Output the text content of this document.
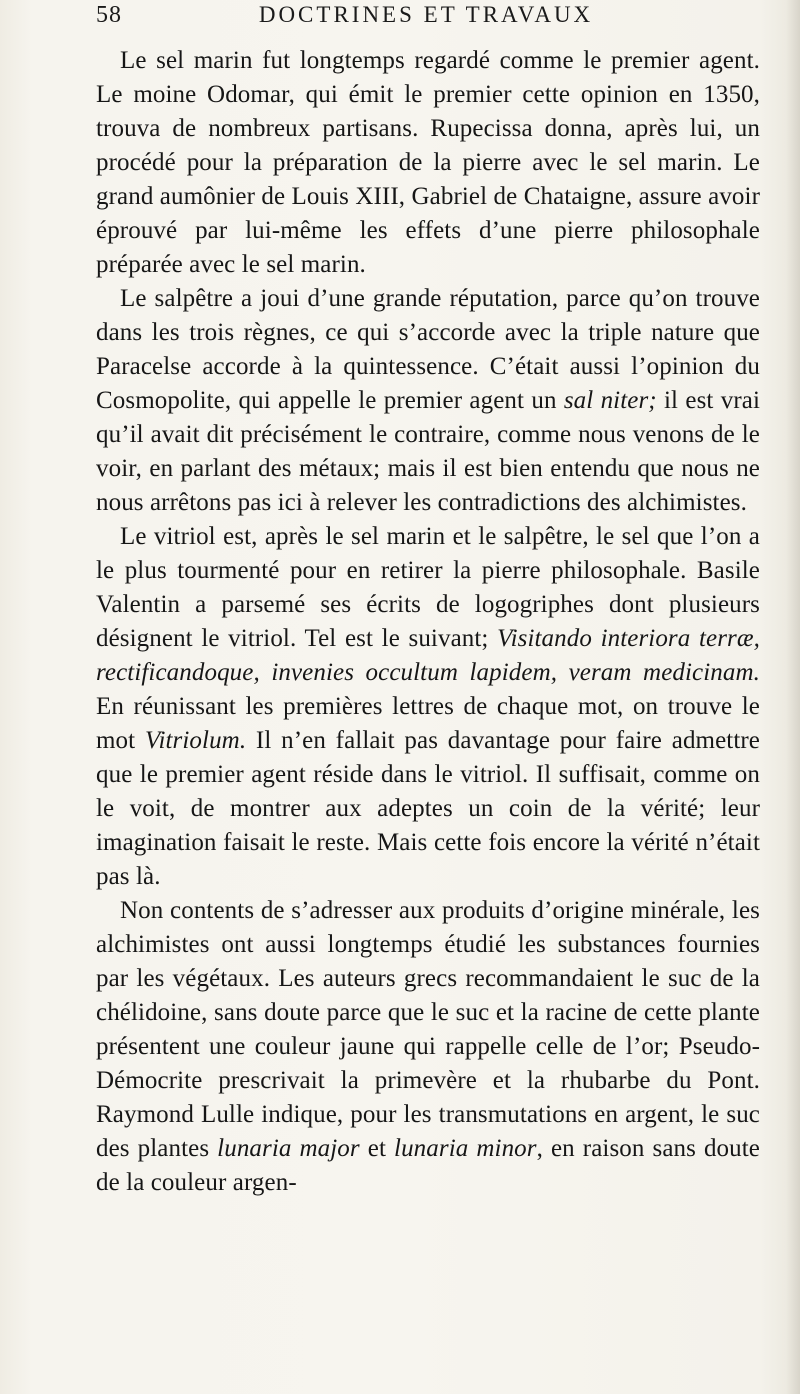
58	DOCTRINES ET TRAVAUX

Le sel marin fut longtemps regardé comme le premier agent. Le moine Odomar, qui émit le premier cette opinion en 1350, trouva de nombreux partisans. Rupecissa donna, après lui, un procédé pour la préparation de la pierre avec le sel marin. Le grand aumônier de Louis XIII, Gabriel de Chataigne, assure avoir éprouvé par lui-même les effets d’une pierre philosophale préparée avec le sel marin.

Le salpêtre a joui d’une grande réputation, parce qu’on trouve dans les trois règnes, ce qui s’accorde avec la triple nature que Paracelse accorde à la quintessence. C’était aussi l’opinion du Cosmopolite, qui appelle le premier agent un sal niter; il est vrai qu’il avait dit précisément le contraire, comme nous venons de le voir, en parlant des métaux; mais il est bien entendu que nous ne nous arrêtons pas ici à relever les contradictions des alchimistes.

Le vitriol est, après le sel marin et le salpêtre, le sel que l’on a le plus tourmenté pour en retirer la pierre philosophale. Basile Valentin a parsemé ses écrits de logogriphes dont plusieurs désignent le vitriol. Tel est le suivant; Visitando interiora terræ, rectificandoque, invenies occultum lapidem, veram medicinam. En réunissant les premières lettres de chaque mot, on trouve le mot Vitriolum. Il n’en fallait pas davantage pour faire admettre que le premier agent réside dans le vitriol. Il suffisait, comme on le voit, de montrer aux adeptes un coin de la vérité; leur imagination faisait le reste. Mais cette fois encore la vérité n’était pas là.

Non contents de s’adresser aux produits d’origine minérale, les alchimistes ont aussi longtemps étudié les substances fournies par les végétaux. Les auteurs grecs recommandaient le suc de la chélidoine, sans doute parce que le suc et la racine de cette plante présentent une couleur jaune qui rappelle celle de l’or; Pseudo-Démocrite prescrivait la primevère et la rhubarbe du Pont. Raymond Lulle indique, pour les transmutations en argent, le suc des plantes lunaria major et lunaria minor, en raison sans doute de la couleur argen-
